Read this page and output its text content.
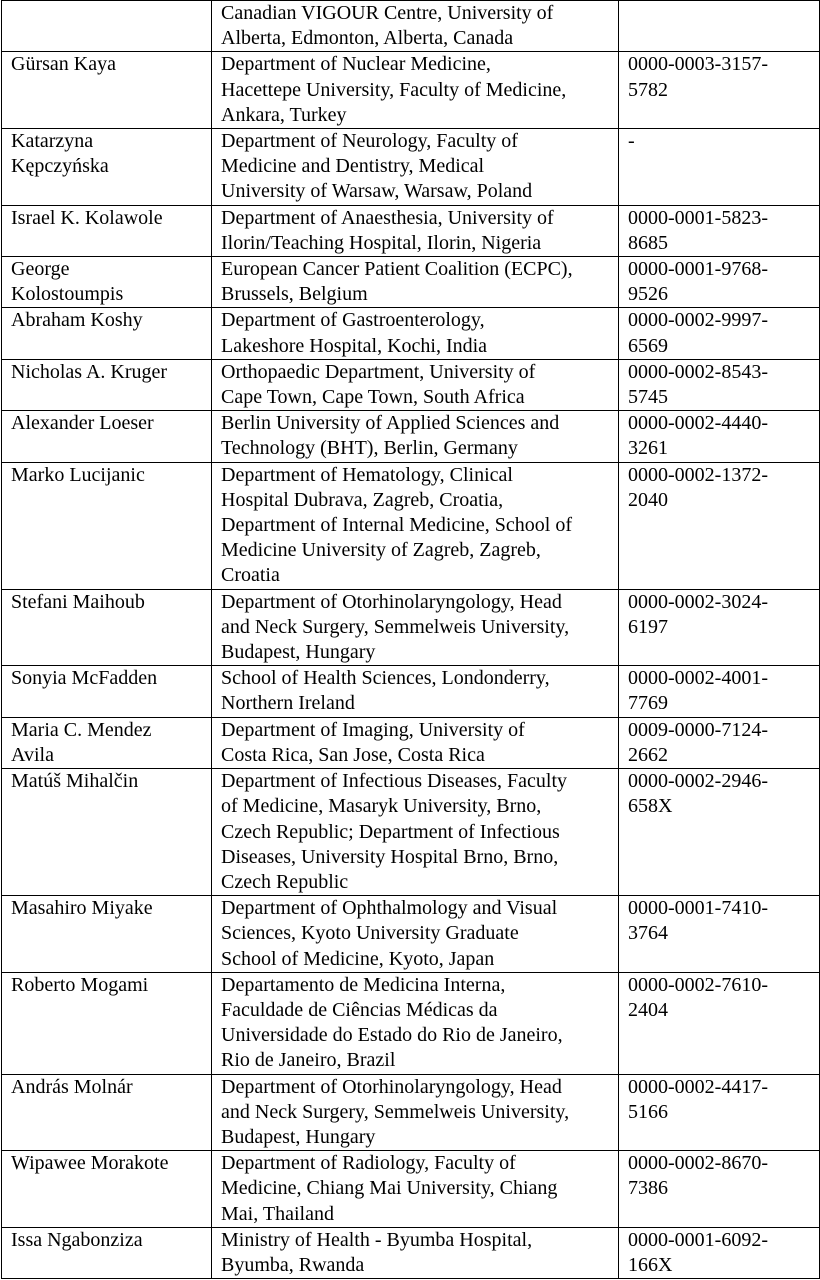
	Canadian VIGOUR Centre, University of
Alberta, Edmonton, Alberta, Canada	

Gürsan Kaya	Department of Nuclear Medicine,
Hacettepe University, Faculty of Medicine,
Ankara, Turkey	0000-0003-3157-
5782

Katarzyna
Kępczyńska	Department of Neurology, Faculty of
Medicine and Dentistry, Medical
University of Warsaw, Warsaw, Poland	-

Israel K. Kolawole	Department of Anaesthesia, University of
Ilorin/Teaching Hospital, Ilorin, Nigeria	0000-0001-5823-
8685

George
Kolostoumpis	European Cancer Patient Coalition (ECPC),
Brussels, Belgium	0000-0001-9768-
9526

Abraham Koshy	Department of Gastroenterology,
Lakeshore Hospital, Kochi, India	0000-0002-9997-
6569

Nicholas A. Kruger	Orthopaedic Department, University of
Cape Town, Cape Town, South Africa	0000-0002-8543-
5745

Alexander Loeser	Berlin University of Applied Sciences and
Technology (BHT), Berlin, Germany	0000-0002-4440-
3261

Marko Lucijanic	Department of Hematology, Clinical
Hospital Dubrava, Zagreb, Croatia,
Department of Internal Medicine, School of
Medicine University of Zagreb, Zagreb,
Croatia	0000-0002-1372-
2040

Stefani Maihoub	Department of Otorhinolaryngology, Head
and Neck Surgery, Semmelweis University,
Budapest, Hungary	0000-0002-3024-
6197

Sonyia McFadden	School of Health Sciences, Londonderry,
Northern Ireland	0000-0002-4001-
7769

Maria C. Mendez
Avila	Department of Imaging, University of
Costa Rica, San Jose, Costa Rica	0009-0000-7124-
2662

Matúš Mihalčin	Department of Infectious Diseases, Faculty
of Medicine, Masaryk University, Brno,
Czech Republic; Department of Infectious
Diseases, University Hospital Brno, Brno,
Czech Republic	0000-0002-2946-
658X

Masahiro Miyake	Department of Ophthalmology and Visual
Sciences, Kyoto University Graduate
School of Medicine, Kyoto, Japan	0000-0001-7410-
3764

Roberto Mogami	Departamento de Medicina Interna,
Faculdade de Ciências Médicas da
Universidade do Estado do Rio de Janeiro,
Rio de Janeiro, Brazil	0000-0002-7610-
2404

András Molnár	Department of Otorhinolaryngology, Head
and Neck Surgery, Semmelweis University,
Budapest, Hungary	0000-0002-4417-
5166

Wipawee Morakote	Department of Radiology, Faculty of
Medicine, Chiang Mai University, Chiang
Mai, Thailand	0000-0002-8670-
7386

Issa Ngabonziza	Ministry of Health - Byumba Hospital,
Byumba, Rwanda	0000-0001-6092-
166X
